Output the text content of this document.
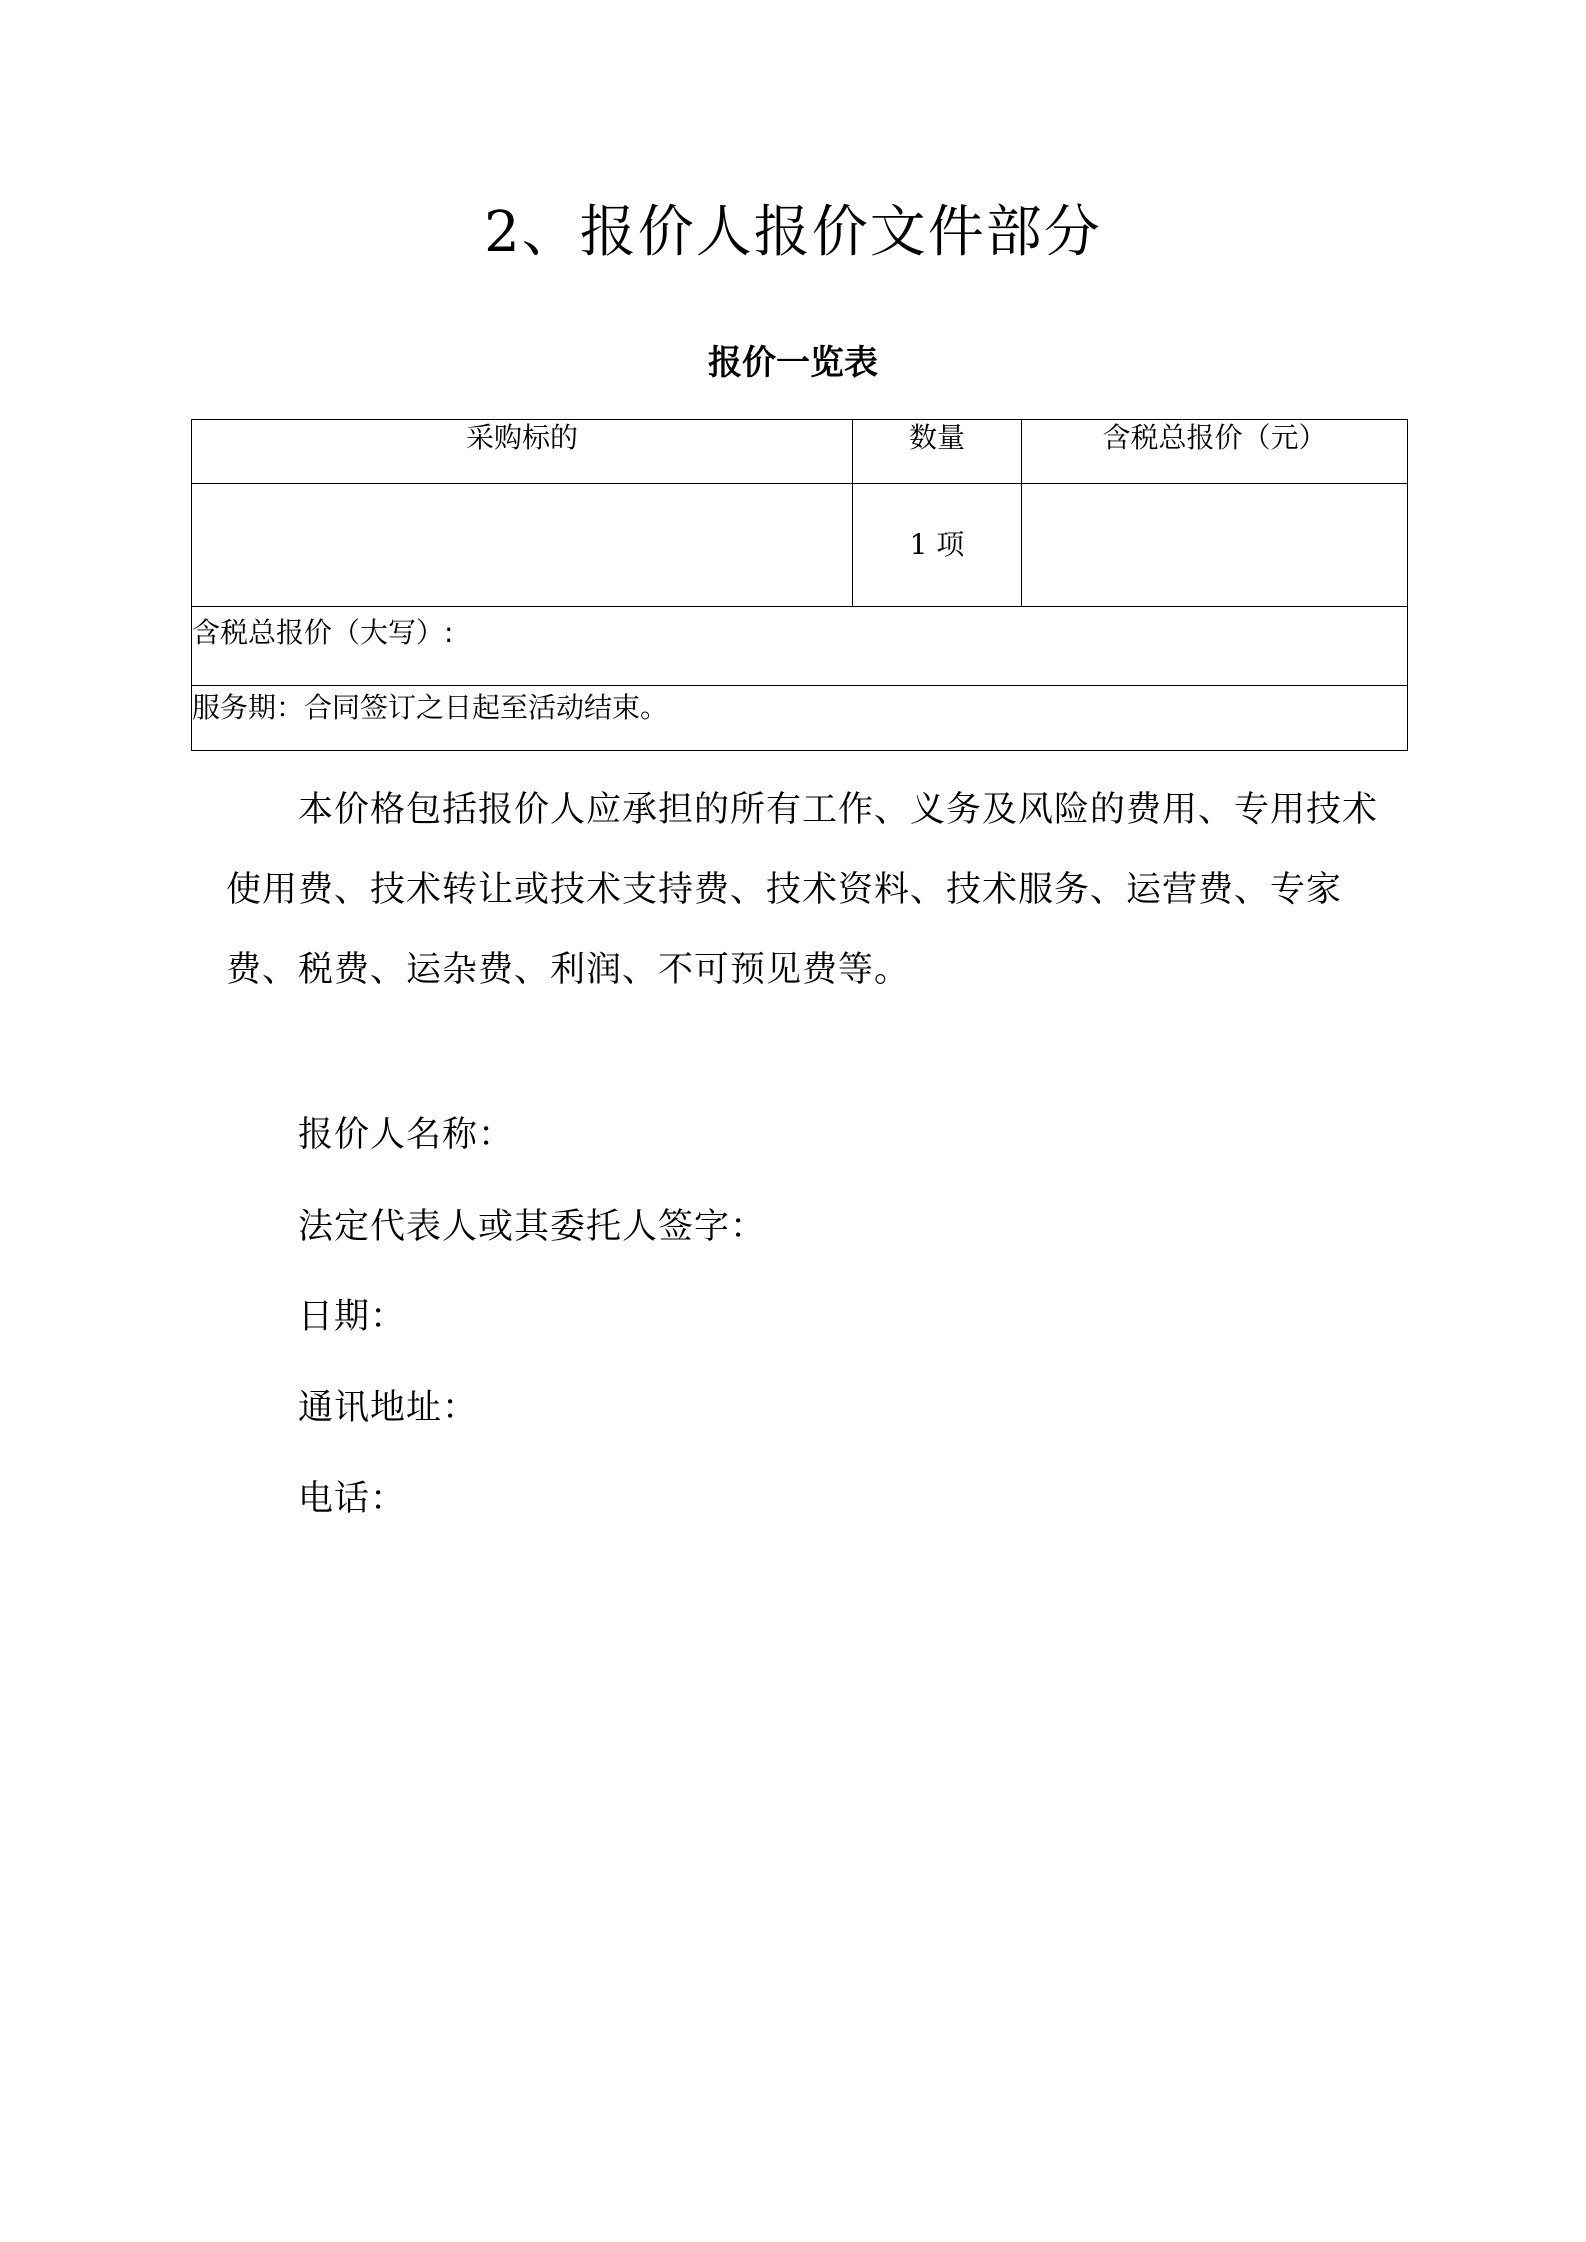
2、报价人报价文件部分
报价一览表
采购标的	数量	含税总报价（元）
	1 项	
含税总报价（大写）:		
服务期：合同签订之日起至活动结束。		
本价格包括报价人应承担的所有工作、义务及风险的费用、专用技术使用费、技术转让或技术支持费、技术资料、技术服务、运营费、专家费、税费、运杂费、利润、不可预见费等。
报价人名称：
法定代表人或其委托人签字：
日期：
通讯地址：
电话：
